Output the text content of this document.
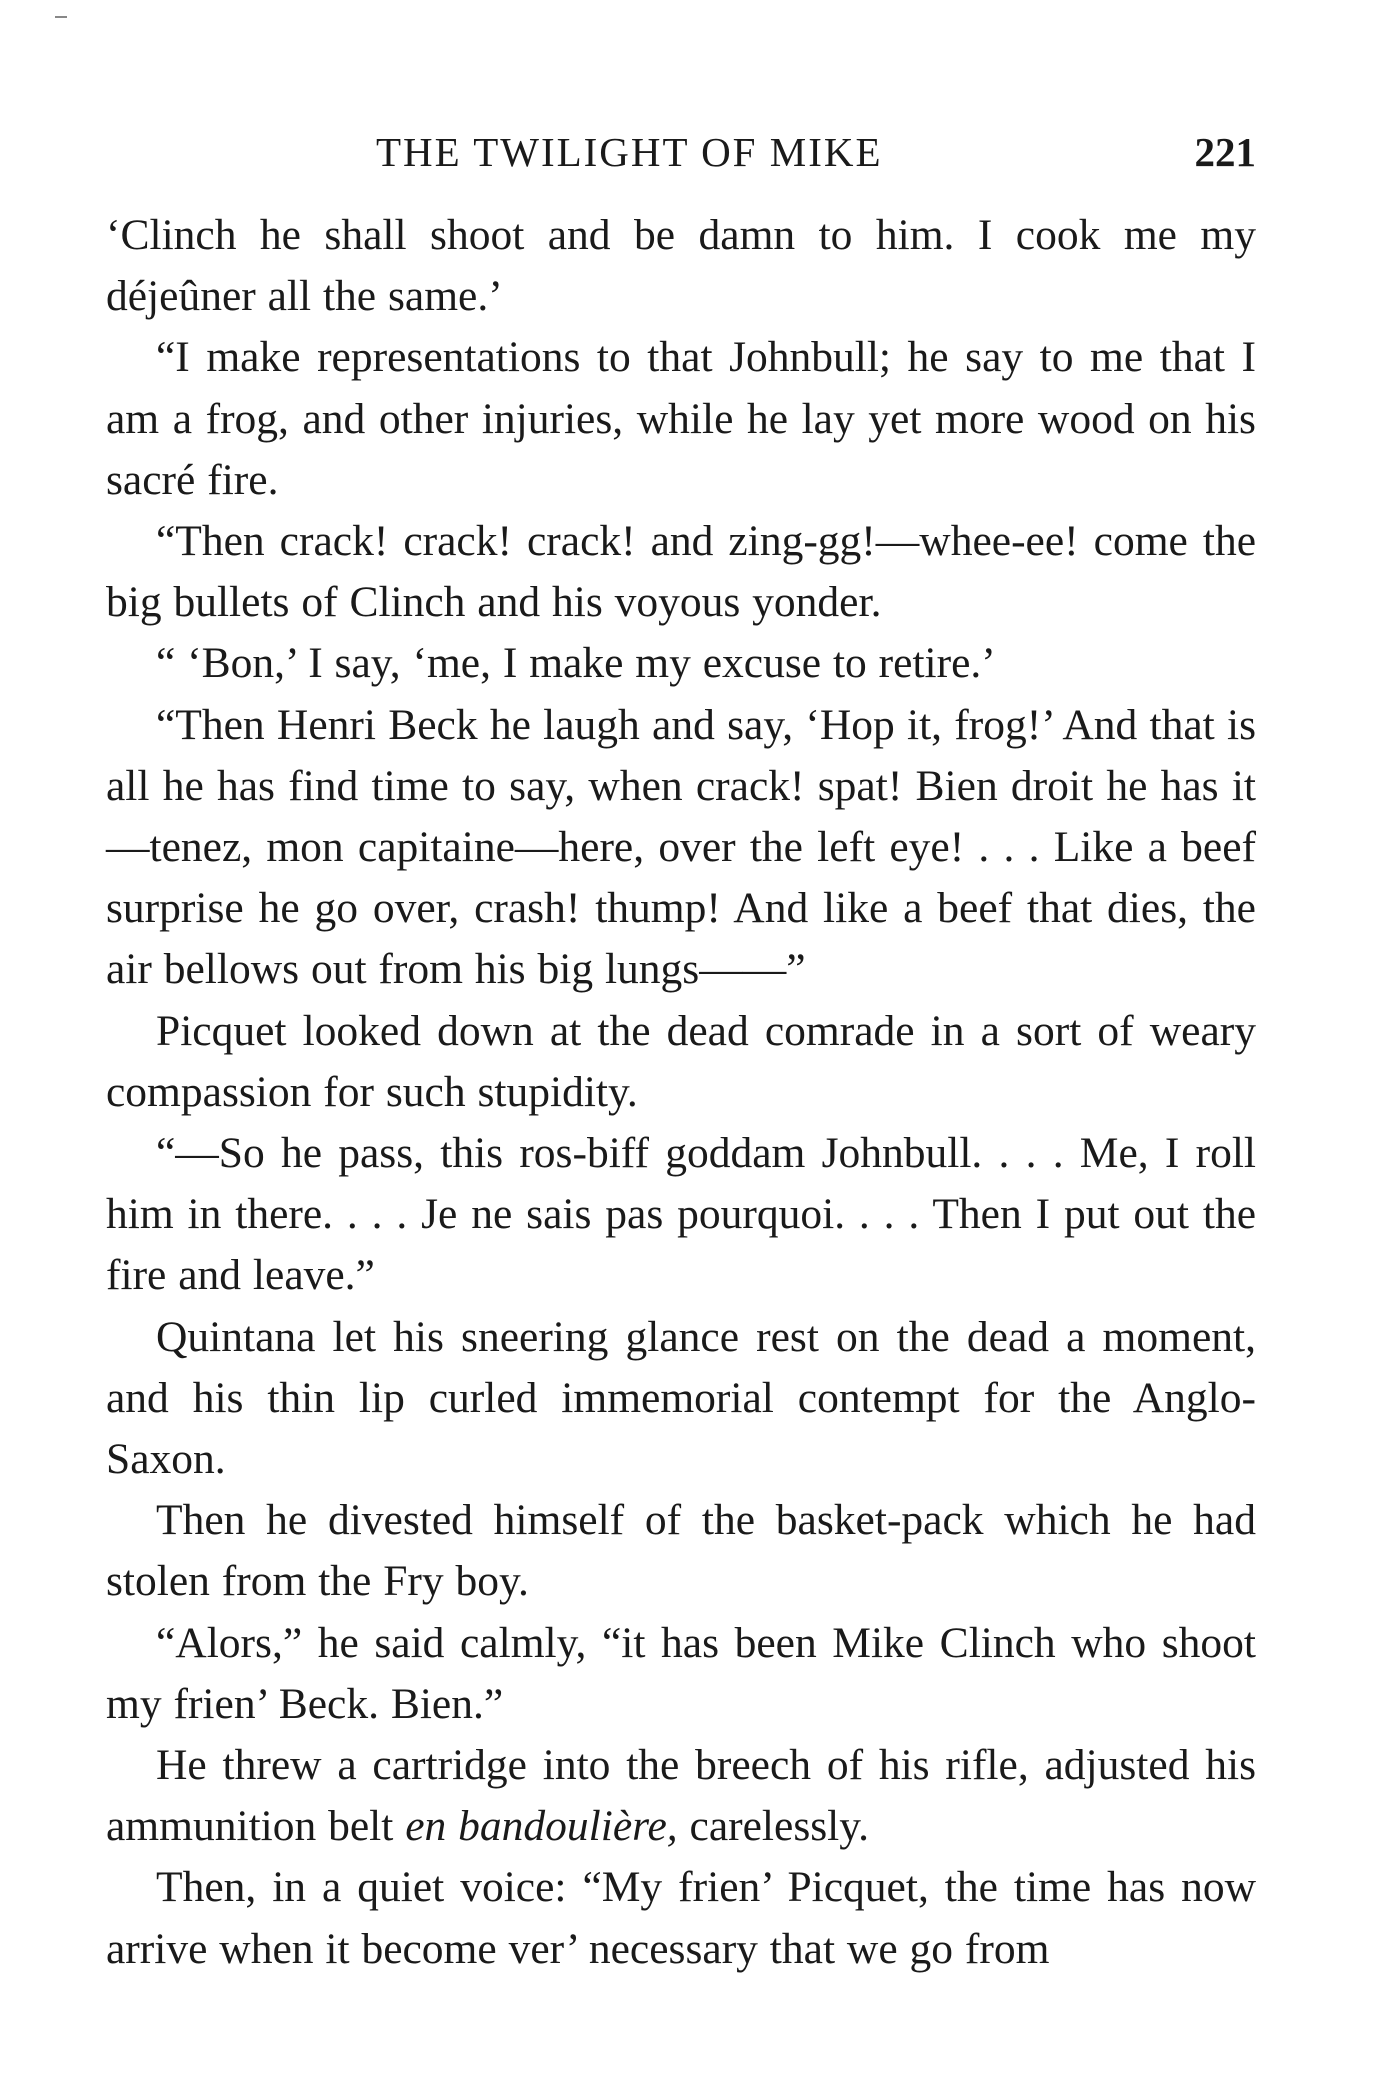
THE TWILIGHT OF MIKE	221

‘Clinch he shall shoot and be damn to him. I cook me my déjeûner all the same.’

“I make representations to that Johnbull; he say to me that I am a frog, and other injuries, while he lay yet more wood on his sacré fire.

“Then crack! crack! crack! and zing-gg!—whee-ee! come the big bullets of Clinch and his voyous yonder.

“ ‘Bon,’ I say, ‘me, I make my excuse to retire.’

“Then Henri Beck he laugh and say, ‘Hop it, frog!’ And that is all he has find time to say, when crack! spat! Bien droit he has it—tenez, mon capitaine—here, over the left eye! . . . Like a beef surprise he go over, crash! thump! And like a beef that dies, the air bellows out from his big lungs——”

Picquet looked down at the dead comrade in a sort of weary compassion for such stupidity.

“—So he pass, this ros-biff goddam Johnbull. . . . Me, I roll him in there. . . . Je ne sais pas pourquoi. . . . Then I put out the fire and leave.”

Quintana let his sneering glance rest on the dead a moment, and his thin lip curled immemorial contempt for the Anglo-Saxon.

Then he divested himself of the basket-pack which he had stolen from the Fry boy.

“Alors,” he said calmly, “it has been Mike Clinch who shoot my frien’ Beck. Bien.”

He threw a cartridge into the breech of his rifle, adjusted his ammunition belt en bandoulière, carelessly.

Then, in a quiet voice: “My frien’ Picquet, the time has now arrive when it become ver’ necessary that we go from
